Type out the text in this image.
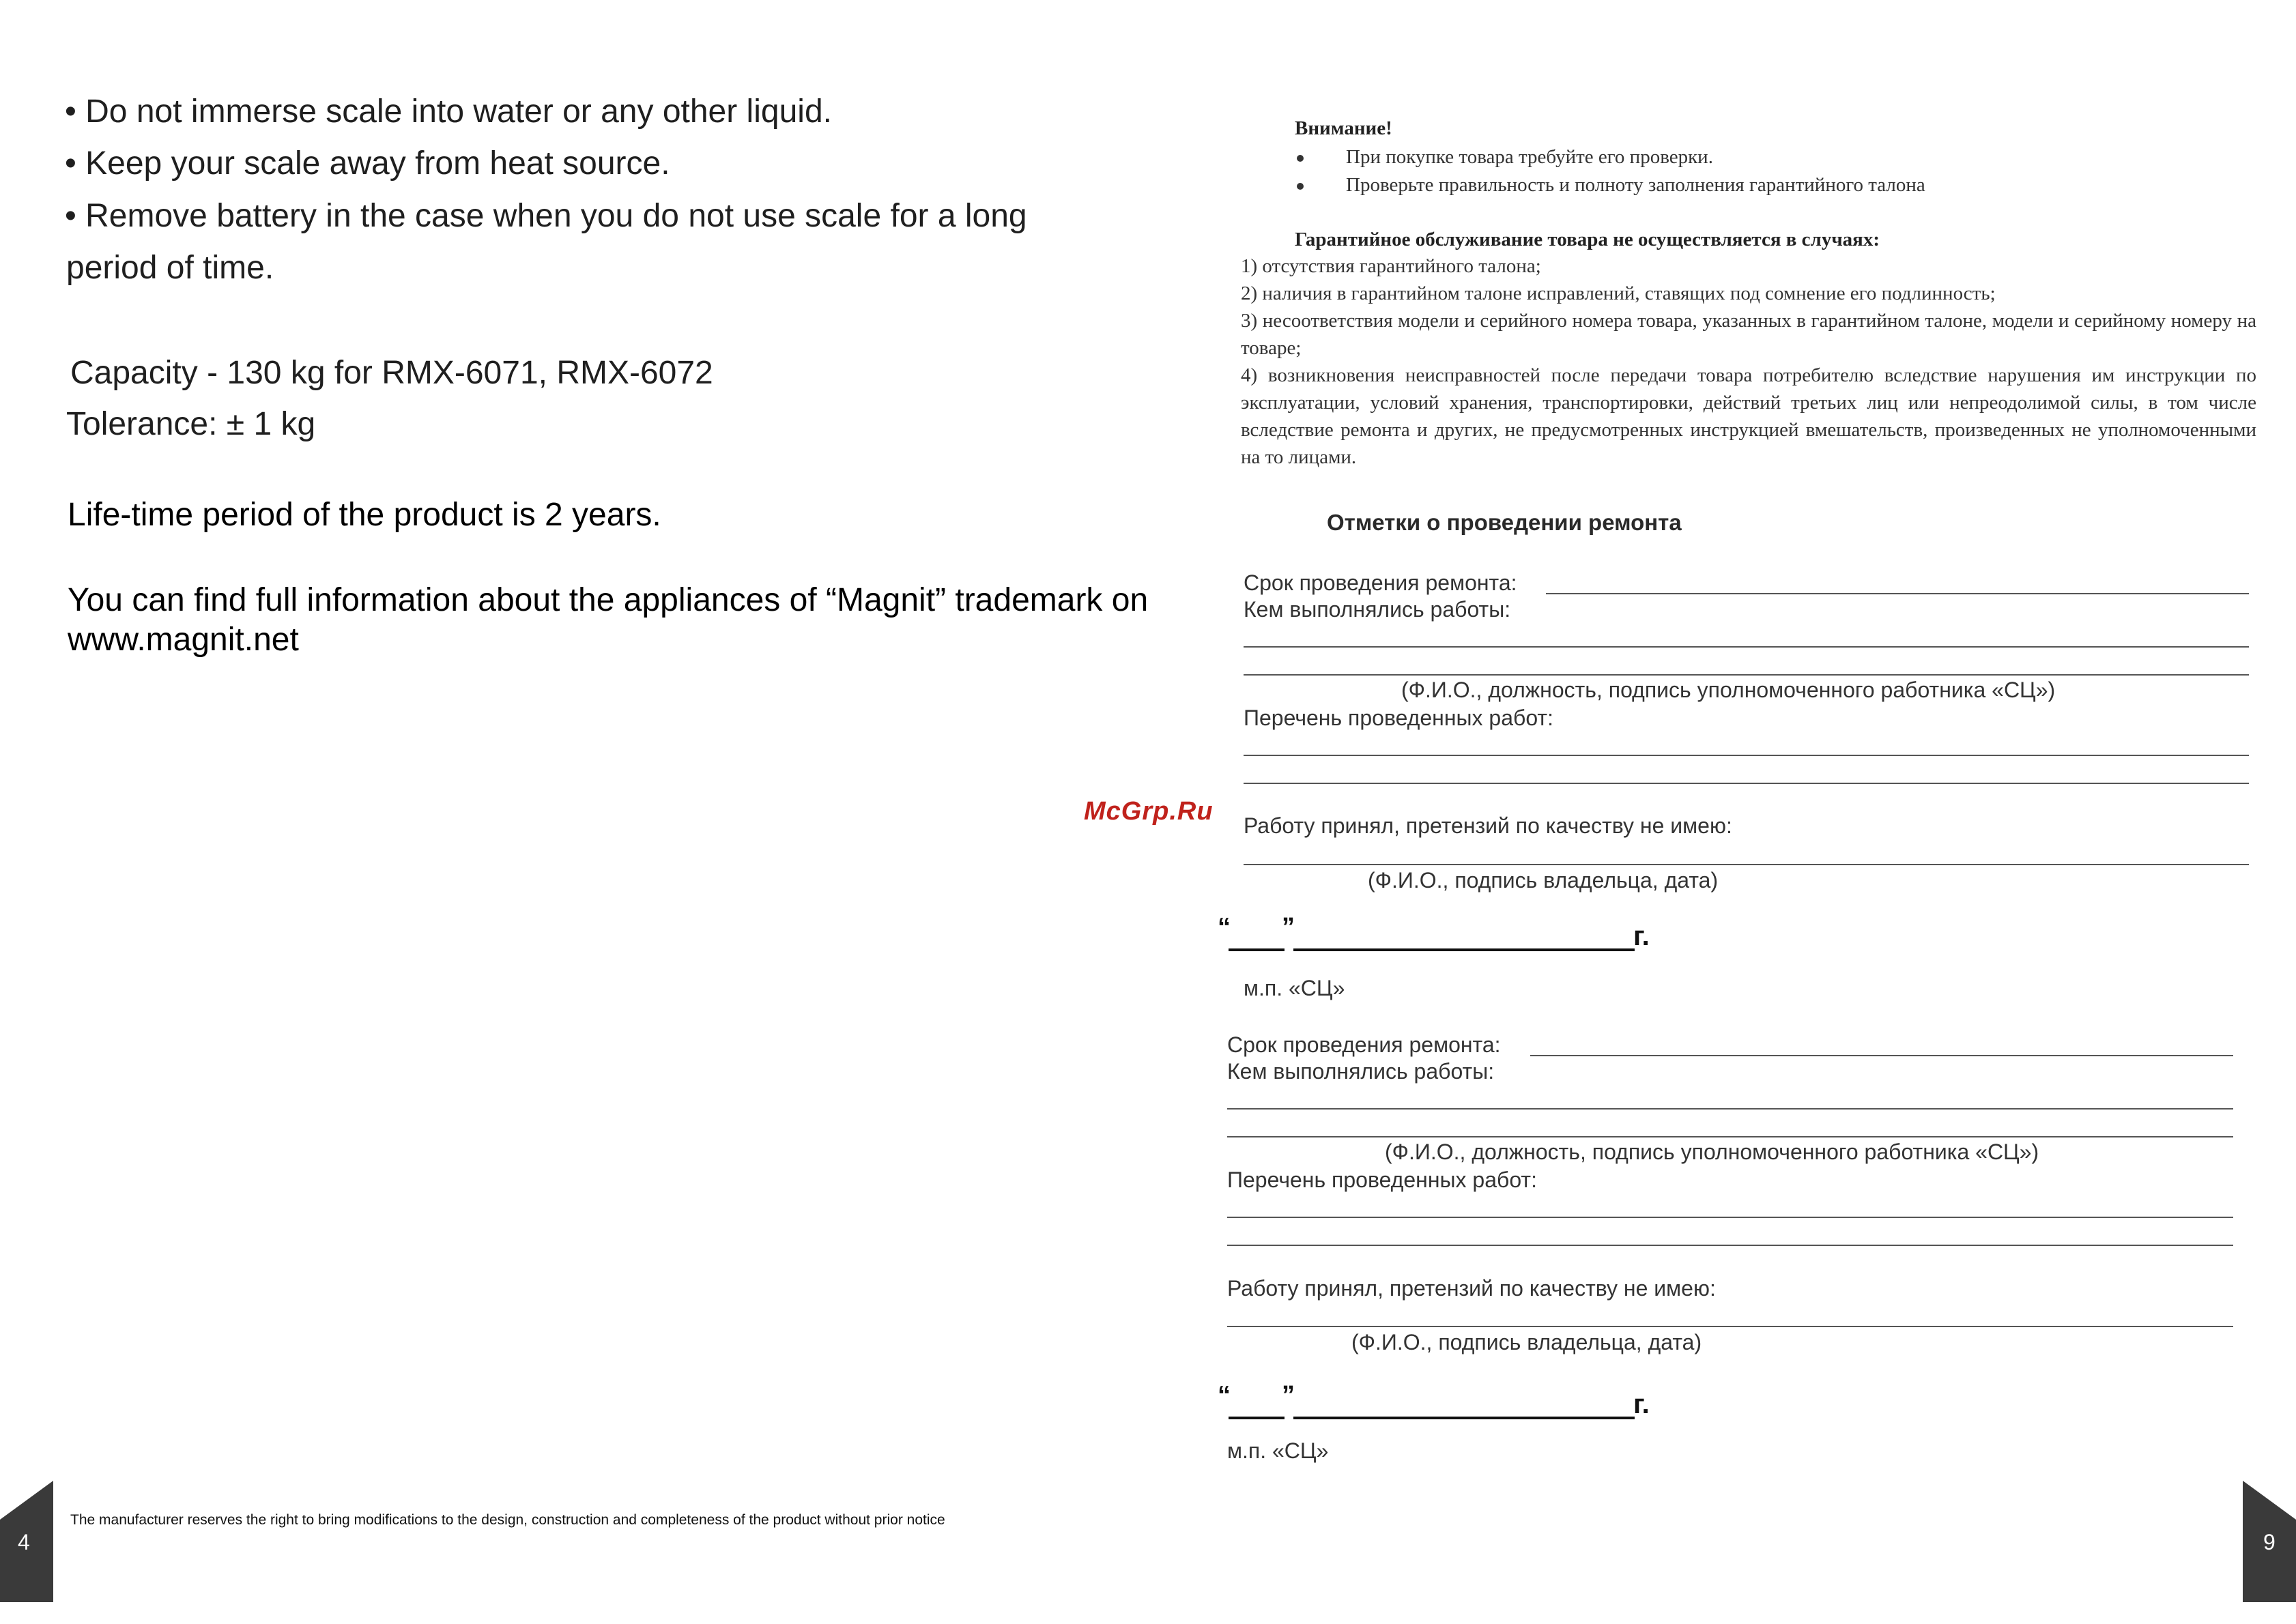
• Do not immerse scale into water or any other liquid.
• Keep your scale away from heat source.
• Remove battery in the case when you do not use scale for a long
period of time.
Capacity - 130 kg for RMX-6071, RMX-6072
Tolerance: ± 1 kg
Life-time period of the product is 2 years.
You can find full information about the appliances of “Magnit” trademark on
www.magnit.net
The manufacturer reserves the right to bring modifications to the design, construction and completeness of the product without prior notice
4
McGrp.Ru
Внимание!
При покупке товара требуйте его проверки.
Проверьте правильность и полноту заполнения гарантийного талона
Гарантийное обслуживание товара не осуществляется в случаях:
1) отсутствия гарантийного талона;
2) наличия в гарантийном талоне исправлений, ставящих под сомнение его подлинность;
3) несоответствия модели и серийного номера товара, указанных в гарантийном талоне, модели и серийному номеру на товаре;
4) возникновения неисправностей после передачи товара потребителю вследствие нарушения им инструкции по эксплуатации, условий хранения, транспортировки, действий третьих лиц или непреодолимой силы, в том числе вследствие ремонта и других, не предусмотренных инструкцией вмешательств, произведенных не уполномоченными на то лицами.
Отметки о проведении ремонта
Срок проведения ремонта:
Кем выполнялись работы:
(Ф.И.О., должность, подпись уполномоченного работника «СЦ»)
Перечень проведенных работ:
Работу принял, претензий по качеству не имею:
(Ф.И.О., подпись владельца, дата)
“ ”	г.
м.п. «СЦ»
Срок проведения ремонта:
Кем выполнялись работы:
(Ф.И.О., должность, подпись уполномоченного работника «СЦ»)
Перечень проведенных работ:
Работу принял, претензий по качеству не имею:
(Ф.И.О., подпись владельца, дата)
“ ”	г.
м.п. «СЦ»
9
